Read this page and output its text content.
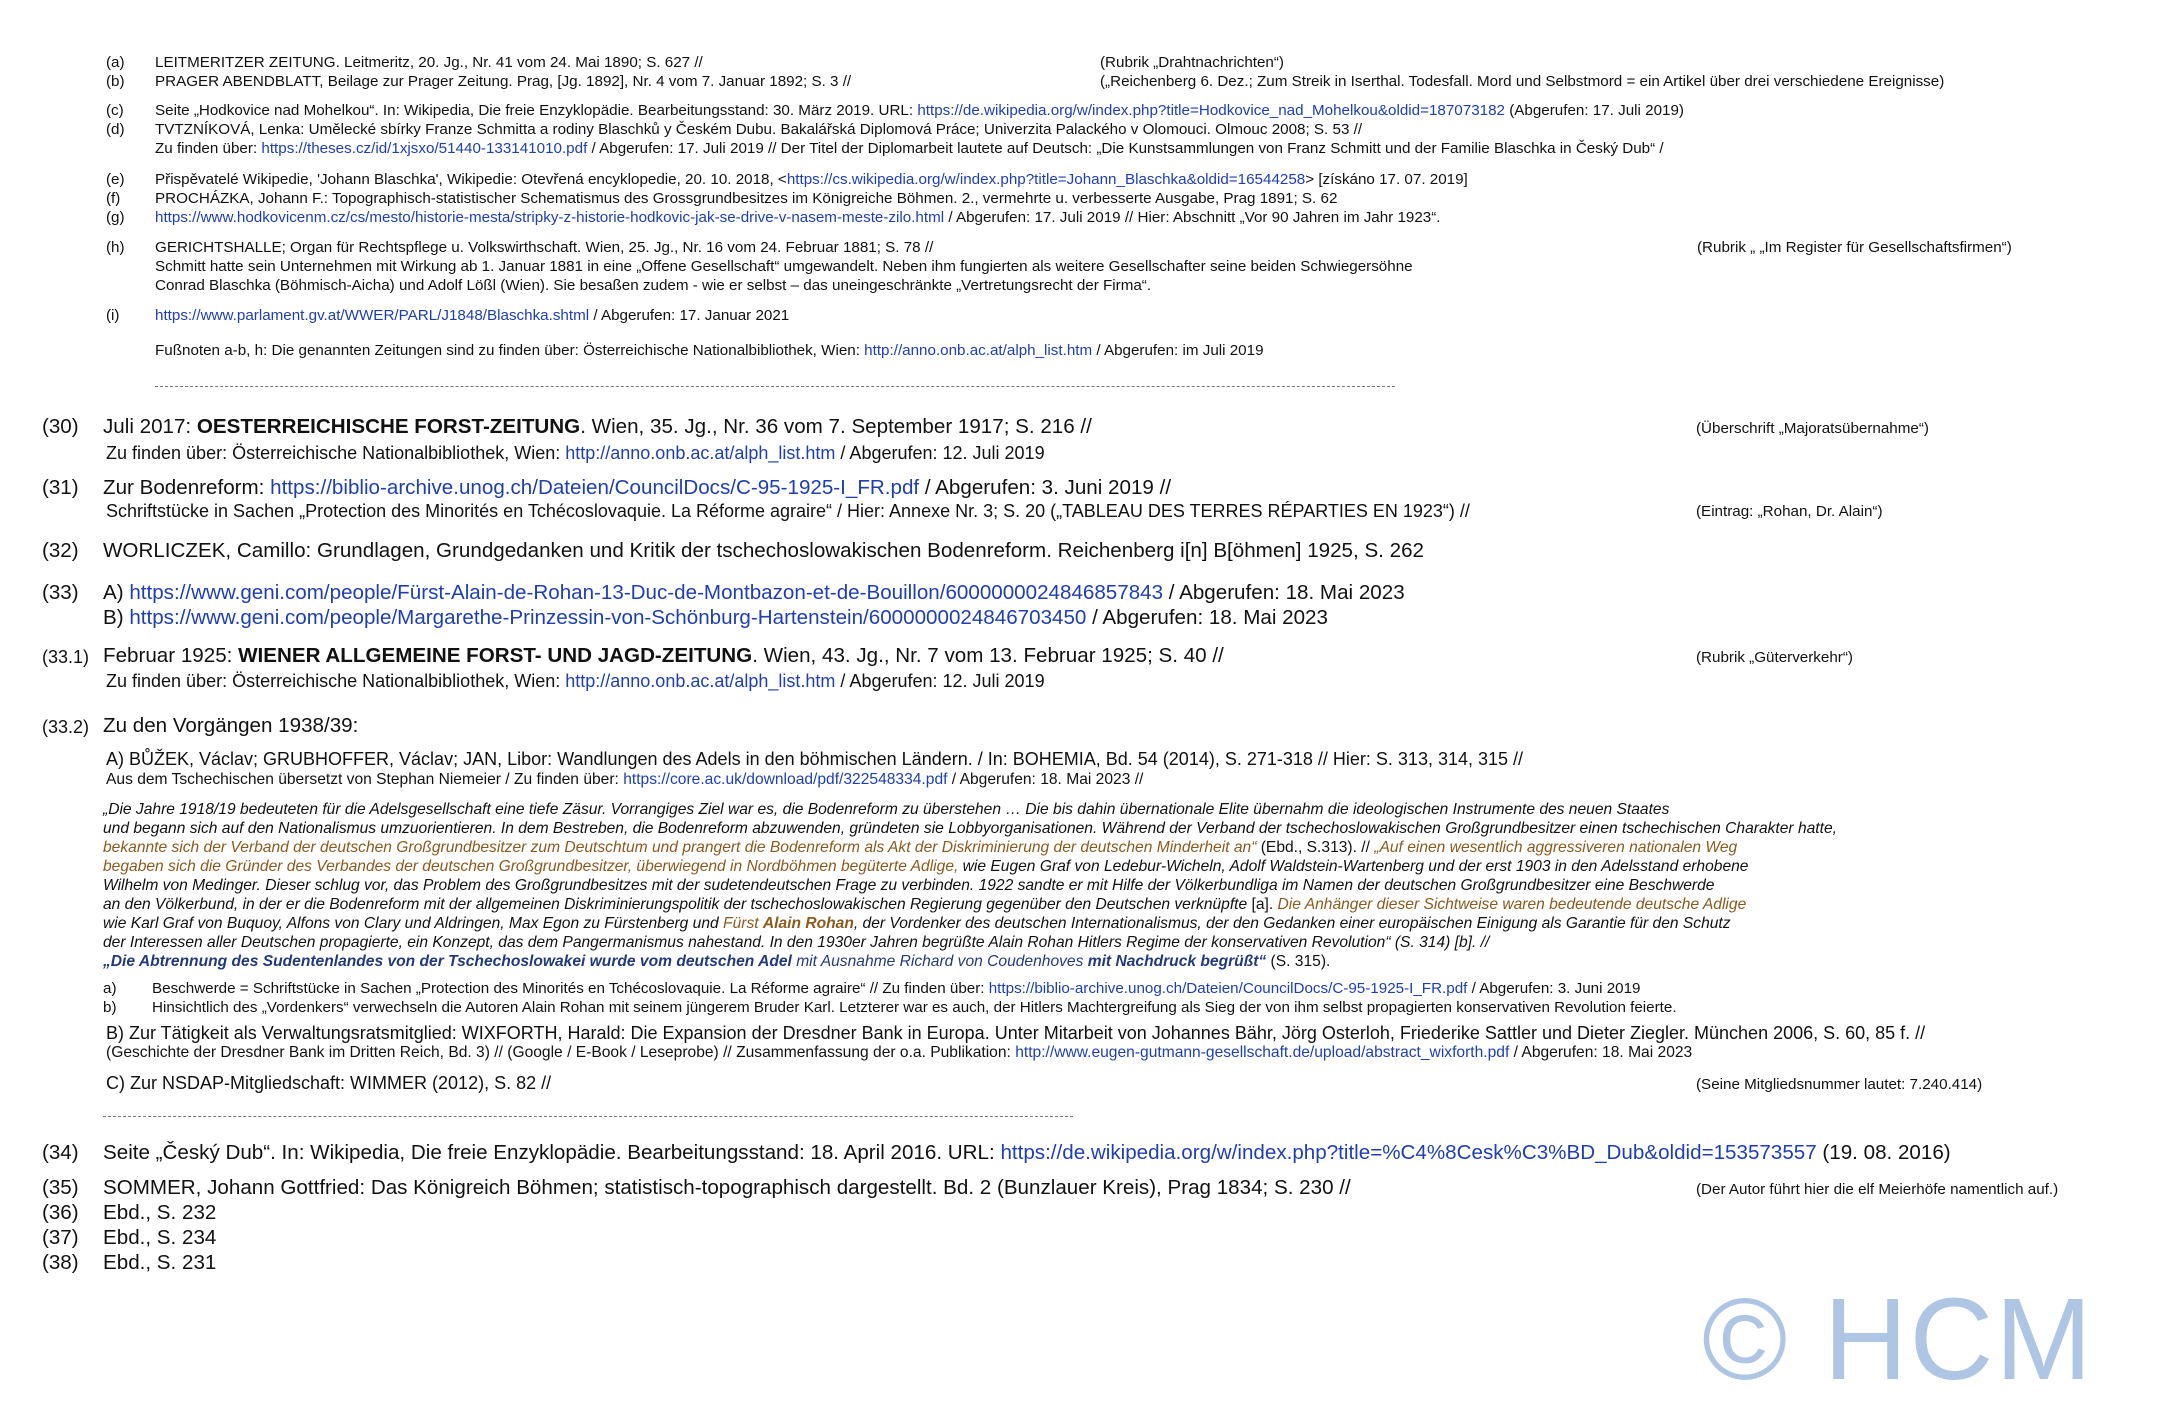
(a) LEITMERITZER ZEITUNG. Leitmeritz, 20. Jg., Nr. 41 vom 24. Mai 1890; S. 627 //	(Rubrik „Drahtnachrichten“)
(b) PRAGER ABENDBLATT, Beilage zur Prager Zeitung. Prag, [Jg. 1892], Nr. 4 vom 7. Januar 1892; S. 3 //	(„Reichenberg 6. Dez.; Zum Streik in Iserthal. Todesfall. Mord und Selbstmord = ein Artikel über drei verschiedene Ereignisse)
(c) Seite „Hodkovice nad Mohelkou“. In: Wikipedia, Die freie Enzyklopädie. Bearbeitungsstand: 30. März 2019. URL: https://de.wikipedia.org/w/index.php?title=Hodkovice_nad_Mohelkou&oldid=187073182 (Abgerufen: 17. Juli 2019)
(d) TVTZNÍKOVÁ, Lenka: Umělecké sbírky Franze Schmitta a rodiny Blaschků y Českém Dubu. Bakalářská Diplomová Práce; Univerzita Palackého v Olomouci. Olmouc 2008; S. 53 //
Zu finden über: https://theses.cz/id/1xjsxo/51440-133141010.pdf / Abgerufen: 17. Juli 2019 // Der Titel der Diplomarbeit lautete auf Deutsch: „Die Kunstsammlungen von Franz Schmitt und der Familie Blaschka in Český Dub“ /
(e) Přispěvatelé Wikipedie, 'Johann Blaschka', Wikipedie: Otevřená encyklopedie, 20. 10. 2018, <https://cs.wikipedia.org/w/index.php?title=Johann_Blaschka&oldid=16544258> [získáno 17. 07. 2019]
(f) PROCHÁZKA, Johann F.: Topographisch-statistischer Schematismus des Grossgrundbesitzes im Königreiche Böhmen. 2., vermehrte u. verbesserte Ausgabe, Prag 1891; S. 62
(g) https://www.hodkovicenm.cz/cs/mesto/historie-mesta/stripky-z-historie-hodkovic-jak-se-drive-v-nasem-meste-zilo.html / Abgerufen: 17. Juli 2019 // Hier: Abschnitt „Vor 90 Jahren im Jahr 1923“.
(h) GERICHTSHALLE; Organ für Rechtspflege u. Volkswirthschaft. Wien, 25. Jg., Nr. 16 vom 24. Februar 1881; S. 78 //	(Rubrik „ „Im Register für Gesellschaftsfirmen“)
Schmitt hatte sein Unternehmen mit Wirkung ab 1. Januar 1881 in eine „Offene Gesellschaft“ umgewandelt. Neben ihm fungierten als weitere Gesellschafter seine beiden Schwiegersöhne
Conrad Blaschka (Böhmisch-Aicha) und Adolf Lößl (Wien). Sie besaßen zudem - wie er selbst – das uneingeschränkte „Vertretungsrecht der Firma“.
(i) https://www.parlament.gv.at/WWER/PARL/J1848/Blaschka.shtml / Abgerufen: 17. Januar 2021
Fußnoten a-b, h: Die genannten Zeitungen sind zu finden über: Österreichische Nationalbibliothek, Wien: http://anno.onb.ac.at/alph_list.htm / Abgerufen: im Juli 2019
(30) Juli 2017: OESTERREICHISCHE FORST-ZEITUNG. Wien, 35. Jg., Nr. 36 vom 7. September 1917; S. 216 //	(Überschrift „Majoratsübernahme“)
Zu finden über: Österreichische Nationalbibliothek, Wien: http://anno.onb.ac.at/alph_list.htm / Abgerufen: 12. Juli 2019
(31) Zur Bodenreform: https://biblio-archive.unog.ch/Dateien/CouncilDocs/C-95-1925-I_FR.pdf / Abgerufen: 3. Juni 2019 //
Schriftstücke in Sachen „Protection des Minorités en Tchécoslovaquie. La Réforme agraire“ / Hier: Annexe Nr. 3; S. 20 („TABLEAU DES TERRES RÉPARTIES EN 1923“) //	(Eintrag: „Rohan, Dr. Alain“)
(32) WORLICZEK, Camillo: Grundlagen, Grundgedanken und Kritik der tschechoslowakischen Bodenreform. Reichenberg i[n] B[öhmen] 1925, S. 262
(33) A) https://www.geni.com/people/Fürst-Alain-de-Rohan-13-Duc-de-Montbazon-et-de-Bouillon/6000000024846857843 / Abgerufen: 18. Mai 2023
B) https://www.geni.com/people/Margarethe-Prinzessin-von-Schönburg-Hartenstein/6000000024846703450 / Abgerufen: 18. Mai 2023
(33.1) Februar 1925: WIENER ALLGEMEINE FORST- UND JAGD-ZEITUNG. Wien, 43. Jg., Nr. 7 vom 13. Februar 1925; S. 40 //	(Rubrik „Güterverkehr“)
Zu finden über: Österreichische Nationalbibliothek, Wien: http://anno.onb.ac.at/alph_list.htm / Abgerufen: 12. Juli 2019
(33.2) Zu den Vorgängen 1938/39:
A) BŮŽEK, Václav; GRUBHOFFER, Václav; JAN, Libor: Wandlungen des Adels in den böhmischen Ländern. / In: BOHEMIA, Bd. 54 (2014), S. 271-318 // Hier: S. 313, 314, 315 //
Aus dem Tschechischen übersetzt von Stephan Niemeier / Zu finden über: https://core.ac.uk/download/pdf/322548334.pdf / Abgerufen: 18. Mai 2023 //
„Die Jahre 1918/19 bedeuteten für die Adelsgesellschaft eine tiefe Zäsur. Vorrangiges Ziel war es, die Bodenreform zu überstehen … Die bis dahin übernationale Elite übernahm die ideologischen Instrumente des neuen Staates
und begann sich auf den Nationalismus umzuorientieren. In dem Bestreben, die Bodenreform abzuwenden, gründeten sie Lobbyorganisationen. Während der Verband der tschechoslowakischen Großgrundbesitzer einen tschechischen Charakter hatte,
bekannte sich der Verband der deutschen Großgrundbesitzer zum Deutschtum und prangert die Bodenreform als Akt der Diskriminierung der deutschen Minderheit an“ (Ebd., S.313). // „Auf einen wesentlich aggressiveren nationalen Weg
begaben sich die Gründer des Verbandes der deutschen Großgrundbesitzer, überwiegend in Nordböhmen begüterte Adlige, wie Eugen Graf von Ledebur-Wicheln, Adolf Waldstein-Wartenberg und der erst 1903 in den Adelsstand erhobene
Wilhelm von Medinger. Dieser schlug vor, das Problem des Großgrundbesitzes mit der sudetendeutschen Frage zu verbinden. 1922 sandte er mit Hilfe der Völkerbundliga im Namen der deutschen Großgrundbesitzer eine Beschwerde
an den Völkerbund, in der er die Bodenreform mit der allgemeinen Diskriminierungspolitik der tschechoslowakischen Regierung gegenüber den Deutschen verknüpfte [a]. Die Anhänger dieser Sichtweise waren bedeutende deutsche Adlige
wie Karl Graf von Buquoy, Alfons von Clary und Aldringen, Max Egon zu Fürstenberg und Fürst Alain Rohan, der Vordenker des deutschen Internationalismus, der den Gedanken einer europäischen Einigung als Garantie für den Schutz
der Interessen aller Deutschen propagierte, ein Konzept, das dem Pangermanismus nahestand. In den 1930er Jahren begrüßte Alain Rohan Hitlers Regime der konservativen Revolution“ (S. 314) [b]. //
„Die Abtrennung des Sudentenlandes von der Tschechoslowakei wurde vom deutschen Adel mit Ausnahme Richard von Coudenhoves mit Nachdruck begrüßt“ (S. 315).
a) Beschwerde = Schriftstücke in Sachen „Protection des Minorités en Tchécoslovaquie. La Réforme agraire“ // Zu finden über: https://biblio-archive.unog.ch/Dateien/CouncilDocs/C-95-1925-I_FR.pdf / Abgerufen: 3. Juni 2019
b) Hinsichtlich des „Vordenkers“ verwechseln die Autoren Alain Rohan mit seinem jüngerem Bruder Karl. Letzterer war es auch, der Hitlers Machtergreifung als Sieg der von ihm selbst propagierten konservativen Revolution feierte.
B) Zur Tätigkeit als Verwaltungsratsmitglied: WIXFORTH, Harald: Die Expansion der Dresdner Bank in Europa. Unter Mitarbeit von Johannes Bähr, Jörg Osterloh, Friederike Sattler und Dieter Ziegler. München 2006, S. 60, 85 f. //
(Geschichte der Dresdner Bank im Dritten Reich, Bd. 3) // (Google / E-Book / Leseprobe) // Zusammenfassung der o.a. Publikation: http://www.eugen-gutmann-gesellschaft.de/upload/abstract_wixforth.pdf / Abgerufen: 18. Mai 2023
C) Zur NSDAP-Mitgliedschaft: WIMMER (2012), S. 82 //	(Seine Mitgliedsnummer lautet: 7.240.414)
(34) Seite „Český Dub“. In: Wikipedia, Die freie Enzyklopädie. Bearbeitungsstand: 18. April 2016. URL: https://de.wikipedia.org/w/index.php?title=%C4%8Cesk%C3%BD_Dub&oldid=153573557 (19. 08. 2016)
(35) SOMMER, Johann Gottfried: Das Königreich Böhmen; statistisch-topographisch dargestellt. Bd. 2 (Bunzlauer Kreis), Prag 1834; S. 230 //	(Der Autor führt hier die elf Meierhöfe namentlich auf.)
(36) Ebd., S. 232
(37) Ebd., S. 234
(38) Ebd., S. 231
© HCM
